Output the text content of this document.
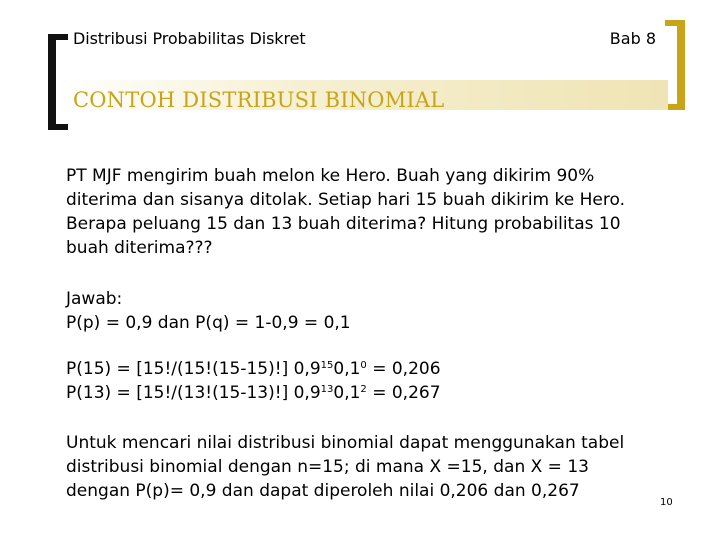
Distribusi Probabilitas Diskret	Bab 8
CONTOH DISTRIBUSI BINOMIAL
PT MJF mengirim buah melon ke Hero. Buah yang dikirim 90%
diterima dan sisanya ditolak. Setiap hari 15 buah dikirim ke Hero.
Berapa peluang 15 dan 13 buah diterima? Hitung probabilitas 10
buah diterima???
Jawab:
P(p) = 0,9 dan P(q) = 1-0,9 = 0,1
P(15) = [15!/(15!(15-15)!] $0,9^{15}0,1^0 = 0,206$
P(13) = [15!/(13!(15-13)!] $0,9^{13}0,1^2 = 0,267$
Untuk mencari nilai distribusi binomial dapat menggunakan tabel
distribusi binomial dengan n=15; di mana X =15, dan X = 13
dengan P(p)= 0,9 dan dapat diperoleh nilai 0,206 dan 0,267
10
